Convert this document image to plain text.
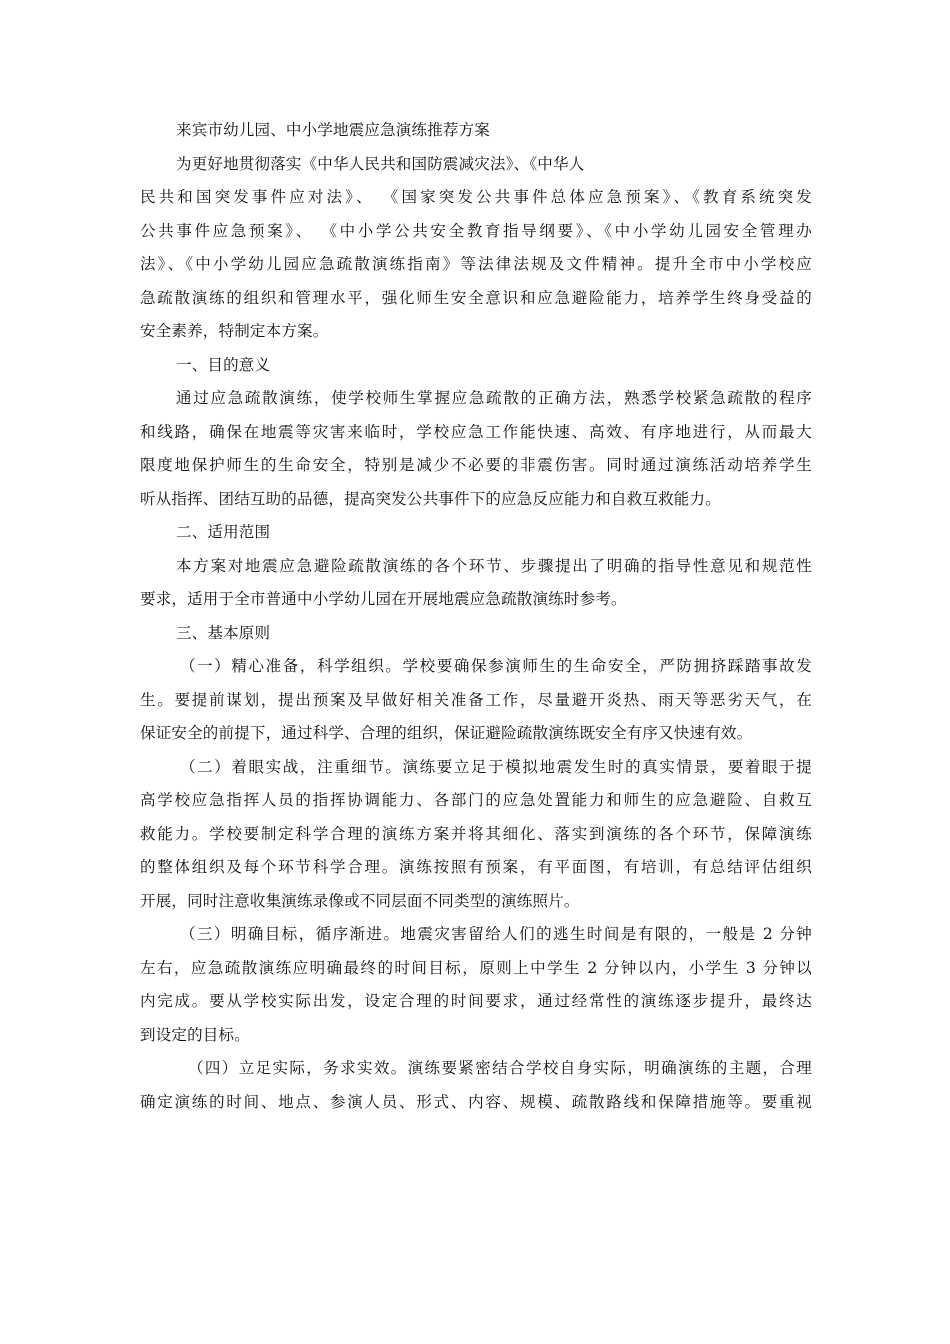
来宾市幼儿园、中小学地震应急演练推荐方案
为更好地贯彻落实《中华人民共和国防震减灾法》、《中华人
民共和国突发事件应对法》、 《国家突发公共事件总体应急预案》、《教育系统突发
公共事件应急预案》、 《中小学公共安全教育指导纲要》、《中小学幼儿园安全管理办
法》、《中小学幼儿园应急疏散演练指南》等法律法规及文件精神。提升全市中小学校应
急疏散演练的组织和管理水平，强化师生安全意识和应急避险能力，培养学生终身受益的
安全素养，特制定本方案。
一、目的意义
通过应急疏散演练，使学校师生掌握应急疏散的正确方法，熟悉学校紧急疏散的程序
和线路，确保在地震等灾害来临时，学校应急工作能快速、高效、有序地进行，从而最大
限度地保护师生的生命安全，特别是减少不必要的非震伤害。同时通过演练活动培养学生
听从指挥、团结互助的品德，提高突发公共事件下的应急反应能力和自救互救能力。
二、适用范围
本方案对地震应急避险疏散演练的各个环节、步骤提出了明确的指导性意见和规范性
要求，适用于全市普通中小学幼儿园在开展地震应急疏散演练时参考。
三、基本原则
（一）精心准备，科学组织。学校要确保参演师生的生命安全，严防拥挤踩踏事故发
生。要提前谋划，提出预案及早做好相关准备工作，尽量避开炎热、雨天等恶劣天气，在
保证安全的前提下，通过科学、合理的组织，保证避险疏散演练既安全有序又快速有效。
（二）着眼实战，注重细节。演练要立足于模拟地震发生时的真实情景，要着眼于提
高学校应急指挥人员的指挥协调能力、各部门的应急处置能力和师生的应急避险、自救互
救能力。学校要制定科学合理的演练方案并将其细化、落实到演练的各个环节，保障演练
的整体组织及每个环节科学合理。演练按照有预案，有平面图，有培训，有总结评估组织
开展，同时注意收集演练录像或不同层面不同类型的演练照片。
（三）明确目标，循序渐进。地震灾害留给人们的逃生时间是有限的，一般是 2 分钟
左右，应急疏散演练应明确最终的时间目标，原则上中学生 2 分钟以内，小学生 3 分钟以
内完成。要从学校实际出发，设定合理的时间要求，通过经常性的演练逐步提升，最终达
到设定的目标。
（四）立足实际，务求实效。演练要紧密结合学校自身实际，明确演练的主题，合理
确定演练的时间、地点、参演人员、形式、内容、规模、疏散路线和保障措施等。要重视
